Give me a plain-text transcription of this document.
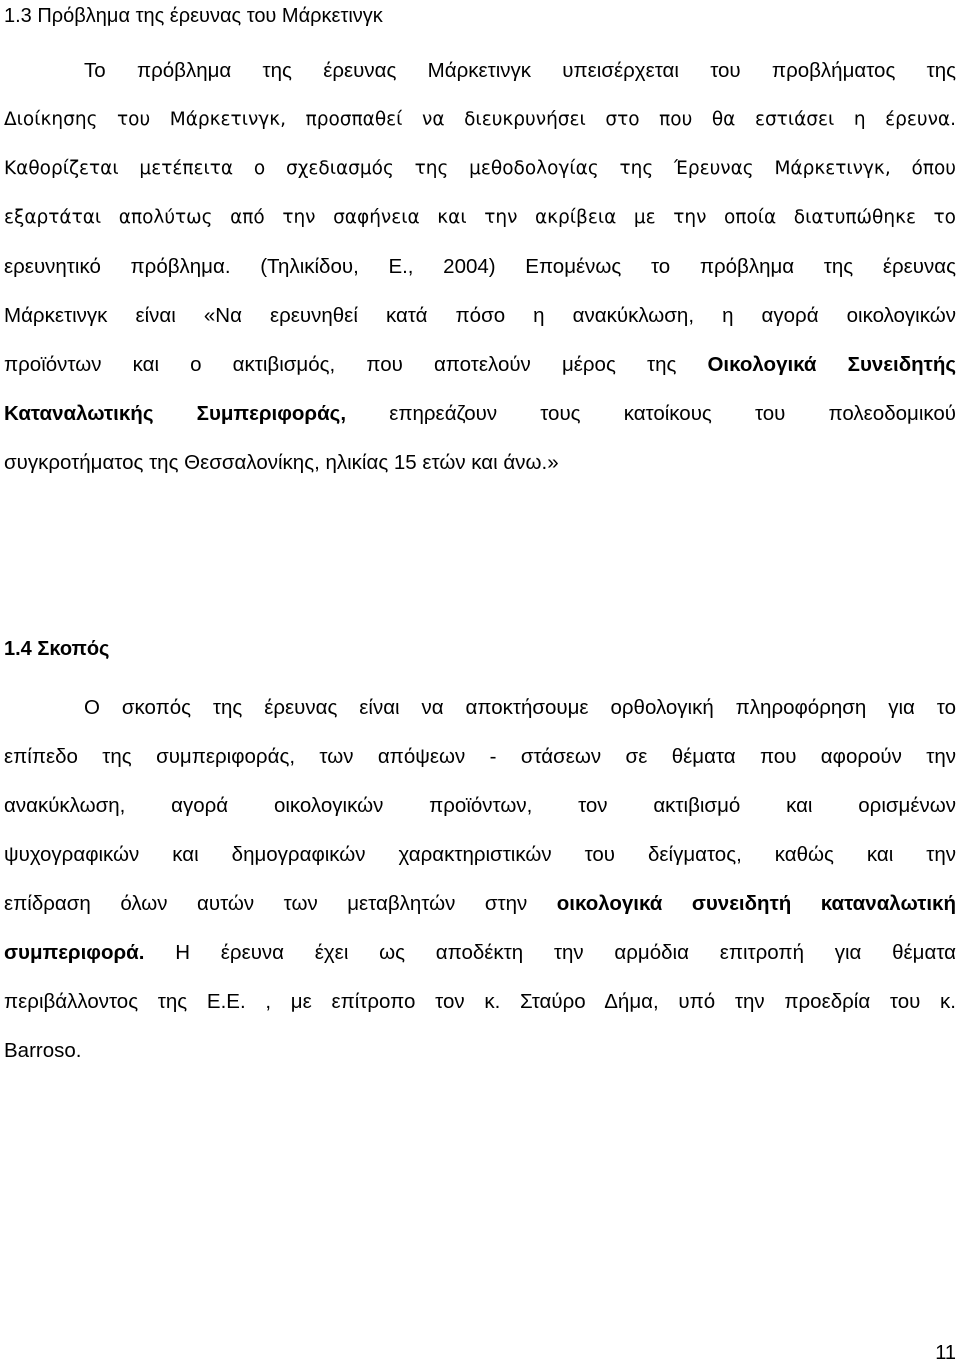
1.3 Πρόβλημα της έρευνας του Μάρκετινγκ

Το πρόβλημα της έρευνας Μάρκετινγκ υπεισέρχεται του προβλήματος της
Διοίκησης του Μάρκετινγκ, προσπαθεί να διευκρυνήσει στο που θα εστιάσει η έρευνα.
Καθορίζεται μετέπειτα ο σχεδιασμός της μεθοδολογίας της Έρευνας Μάρκετινγκ, όπου
εξαρτάται απολύτως από την σαφήνεια και την ακρίβεια με την οποία διατυπώθηκε το
ερευνητικό πρόβλημα. (Τηλικίδου, Ε., 2004) Επομένως το πρόβλημα της έρευνας
Μάρκετινγκ είναι «Να ερευνηθεί κατά πόσο η ανακύκλωση, η αγορά οικολογικών
προϊόντων και ο ακτιβισμός, που αποτελούν μέρος της Οικολογικά Συνειδητής
Καταναλωτικής Συμπεριφοράς, επηρεάζουν τους κατοίκους του πολεοδομικού
συγκροτήματος της Θεσσαλονίκης, ηλικίας 15 ετών και άνω.»

1.4 Σκοπός

Ο σκοπός της έρευνας είναι να αποκτήσουμε ορθολογική πληροφόρηση για το
επίπεδο της συμπεριφοράς, των απόψεων - στάσεων σε θέματα που αφορούν την
ανακύκλωση, αγορά οικολογικών προϊόντων, τον ακτιβισμό και ορισμένων
ψυχογραφικών και δημογραφικών χαρακτηριστικών του δείγματος, καθώς και την
επίδραση όλων αυτών των μεταβλητών στην οικολογικά συνειδητή καταναλωτική
συμπεριφορά. Η έρευνα έχει ως αποδέκτη την αρμόδια επιτροπή για θέματα
περιβάλλοντος της Ε.Ε. , με επίτροπο τον κ. Σταύρο Δήμα, υπό την προεδρία του κ.
Barroso.

11
